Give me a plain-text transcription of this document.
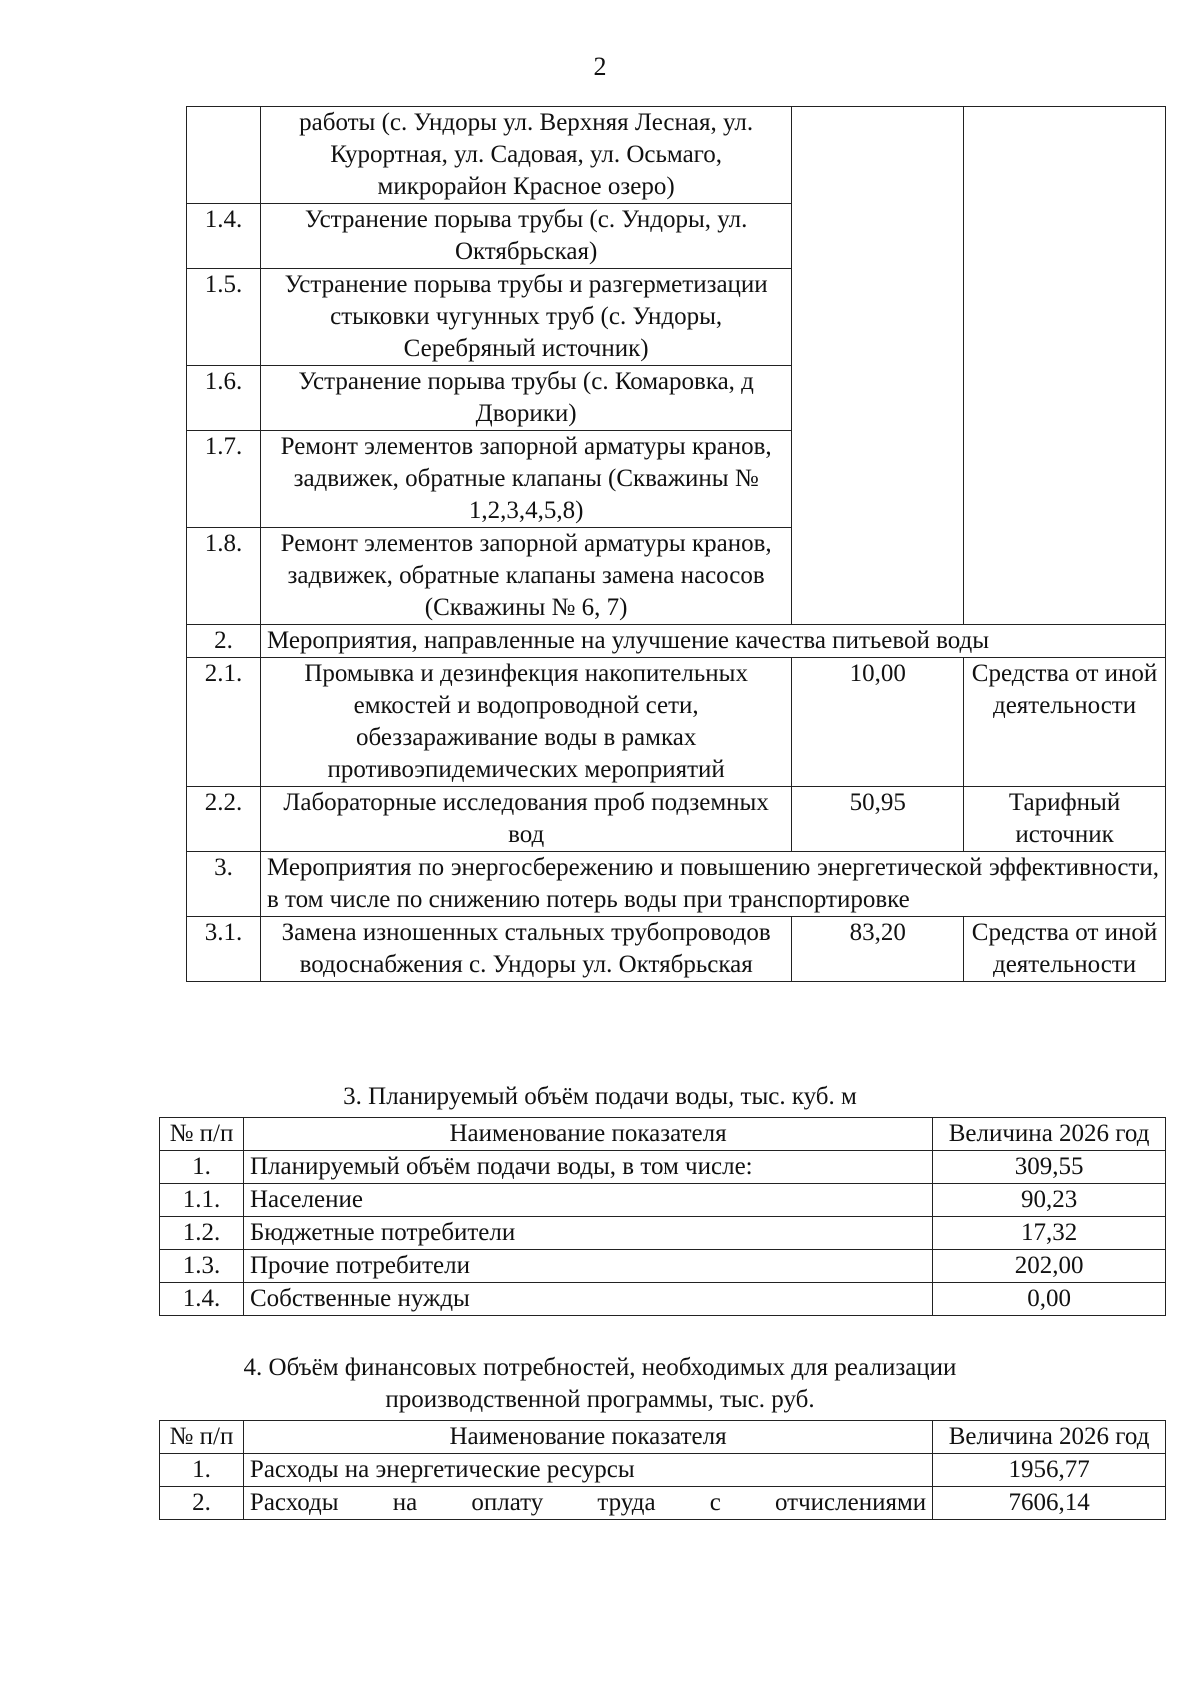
2
	работы (с. Ундоры ул. Верхняя Лесная, ул. Курортная, ул. Садовая, ул. Осьмаго, микрорайон Красное озеро)		
1.4.	Устранение порыва трубы (с. Ундоры, ул. Октябрьская)		
1.5.	Устранение порыва трубы и разгерметизации стыковки чугунных труб (с. Ундоры, Серебряный источник)		
1.6.	Устранение порыва трубы (с. Комаровка, д Дворики)		
1.7.	Ремонт элементов запорной арматуры кранов, задвижек, обратные клапаны (Скважины № 1,2,3,4,5,8)		
1.8.	Ремонт элементов запорной арматуры кранов, задвижек, обратные клапаны замена насосов (Скважины № 6, 7)		
2.	Мероприятия, направленные на улучшение качества питьевой воды		
2.1.	Промывка и дезинфекция накопительных емкостей и водопроводной сети, обеззараживание воды в рамках противоэпидемических мероприятий	10,00	Средства от иной деятельности
2.2.	Лабораторные исследования проб подземных вод	50,95	Тарифный источник
3.	Мероприятия по энергосбережению и повышению энергетической эффективности, в том числе по снижению потерь воды при транспортировке		
3.1.	Замена изношенных стальных трубопроводов водоснабжения с. Ундоры ул. Октябрьская	83,20	Средства от иной деятельности
3. Планируемый объём подачи воды, тыс. куб. м
№ п/п	Наименование показателя	Величина 2026 год
1.	Планируемый объём подачи воды, в том числе:	309,55
1.1.	Население	90,23
1.2.	Бюджетные потребители	17,32
1.3.	Прочие потребители	202,00
1.4.	Собственные нужды	0,00
4. Объём финансовых потребностей, необходимых для реализации производственной программы, тыс. руб.
№ п/п	Наименование показателя	Величина 2026 год
1.	Расходы на энергетические ресурсы	1956,77
2.	Расходы на оплату труда с отчислениями	7606,14
